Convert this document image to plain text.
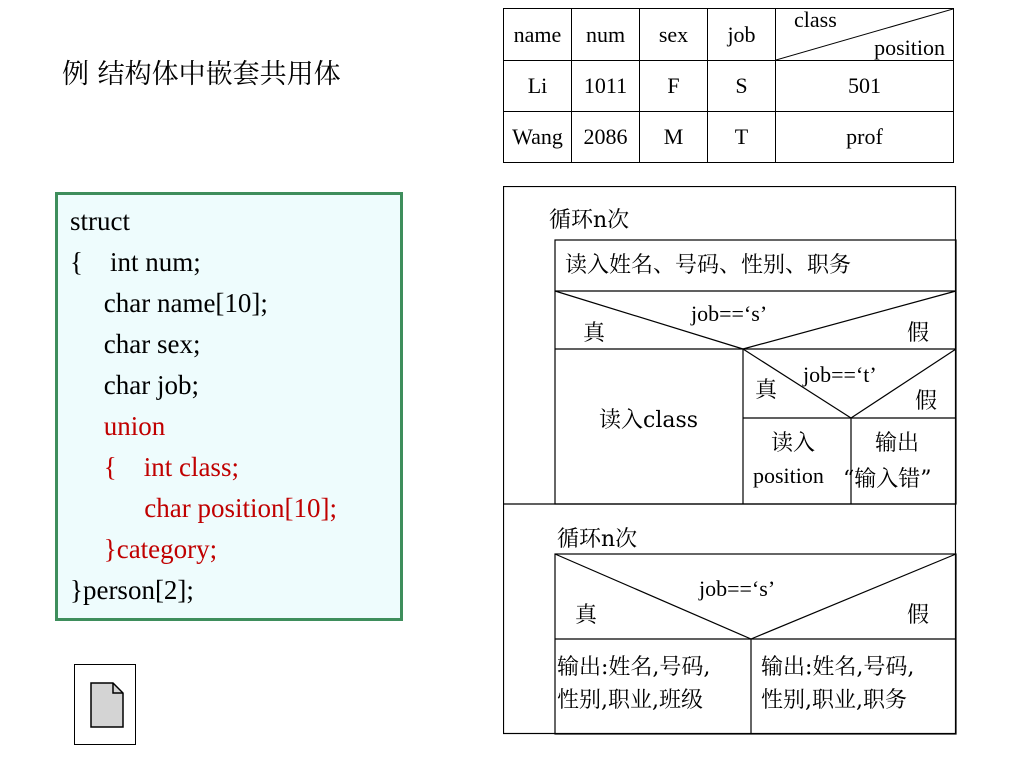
例 结构体中嵌套共用体
name	num	sex	job	class
position

Li	1011	F	S	501
Wang	2086	M	T	prof
struct
{    int num;
char name[10];
char sex;
char job;
union
{    int class;
char position[10];
}category;
}person[2];
循环n次
读入姓名、号码、性别、职务
job==‘s’
真	假
读入class
job==‘t’
真	假
读入
position
输出
“输入错”
循环n次
job==‘s’
真	假
输出:姓名,号码,
性别,职业,班级
输出:姓名,号码,
性别,职业,职务
